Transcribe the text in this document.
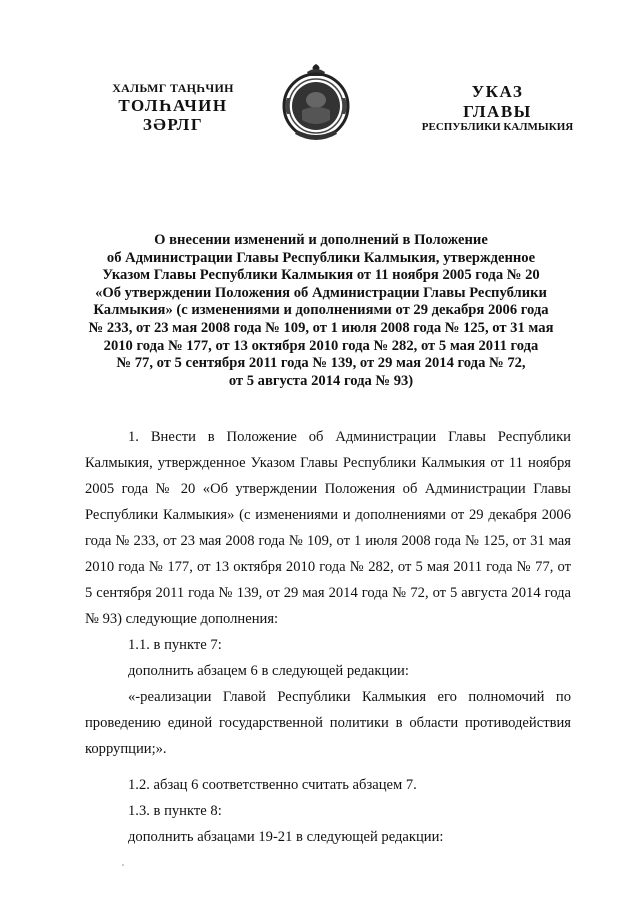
ХАЛЬМГ ТАҢҺЧИН
ТОЛҺАЧИН
ЗӘРЛГ
УКАЗ
ГЛАВЫ
РЕСПУБЛИКИ КАЛМЫКИЯ
О внесении изменений и дополнений в Положение
об Администрации Главы Республики Калмыкия, утвержденное
Указом Главы Республики Калмыкия от 11 ноября 2005 года № 20
«Об утверждении Положения об Администрации Главы Республики
Калмыкия» (с изменениями и дополнениями от 29 декабря 2006 года
№ 233, от 23 мая 2008 года № 109, от 1 июля 2008 года № 125, от 31 мая
2010 года № 177, от 13 октября 2010 года № 282, от 5 мая 2011 года
№ 77, от 5 сентября 2011 года № 139, от 29 мая 2014 года № 72,
от 5 августа 2014 года № 93)

1. Внести в Положение об Администрации Главы Республики Калмыкия, утвержденное Указом Главы Республики Калмыкия от 11 ноября 2005 года № 20 «Об утверждении Положения об Администрации Главы Республики Калмыкия» (с изменениями и дополнениями от 29 декабря 2006 года № 233, от 23 мая 2008 года № 109, от 1 июля 2008 года № 125, от 31 мая 2010 года № 177, от 13 октября 2010 года № 282, от 5 мая 2011 года № 77, от 5 сентября 2011 года № 139, от 29 мая 2014 года № 72, от 5 августа 2014 года № 93) следующие дополнения:

1.1. в пункте 7:

дополнить абзацем 6 в следующей редакции:

«-реализации Главой Республики Калмыкия его полномочий по проведению единой государственной политики в области противодействия коррупции;».

1.2. абзац 6 соответственно считать абзацем 7.

1.3. в пункте 8:

дополнить абзацами 19-21 в следующей редакции:
